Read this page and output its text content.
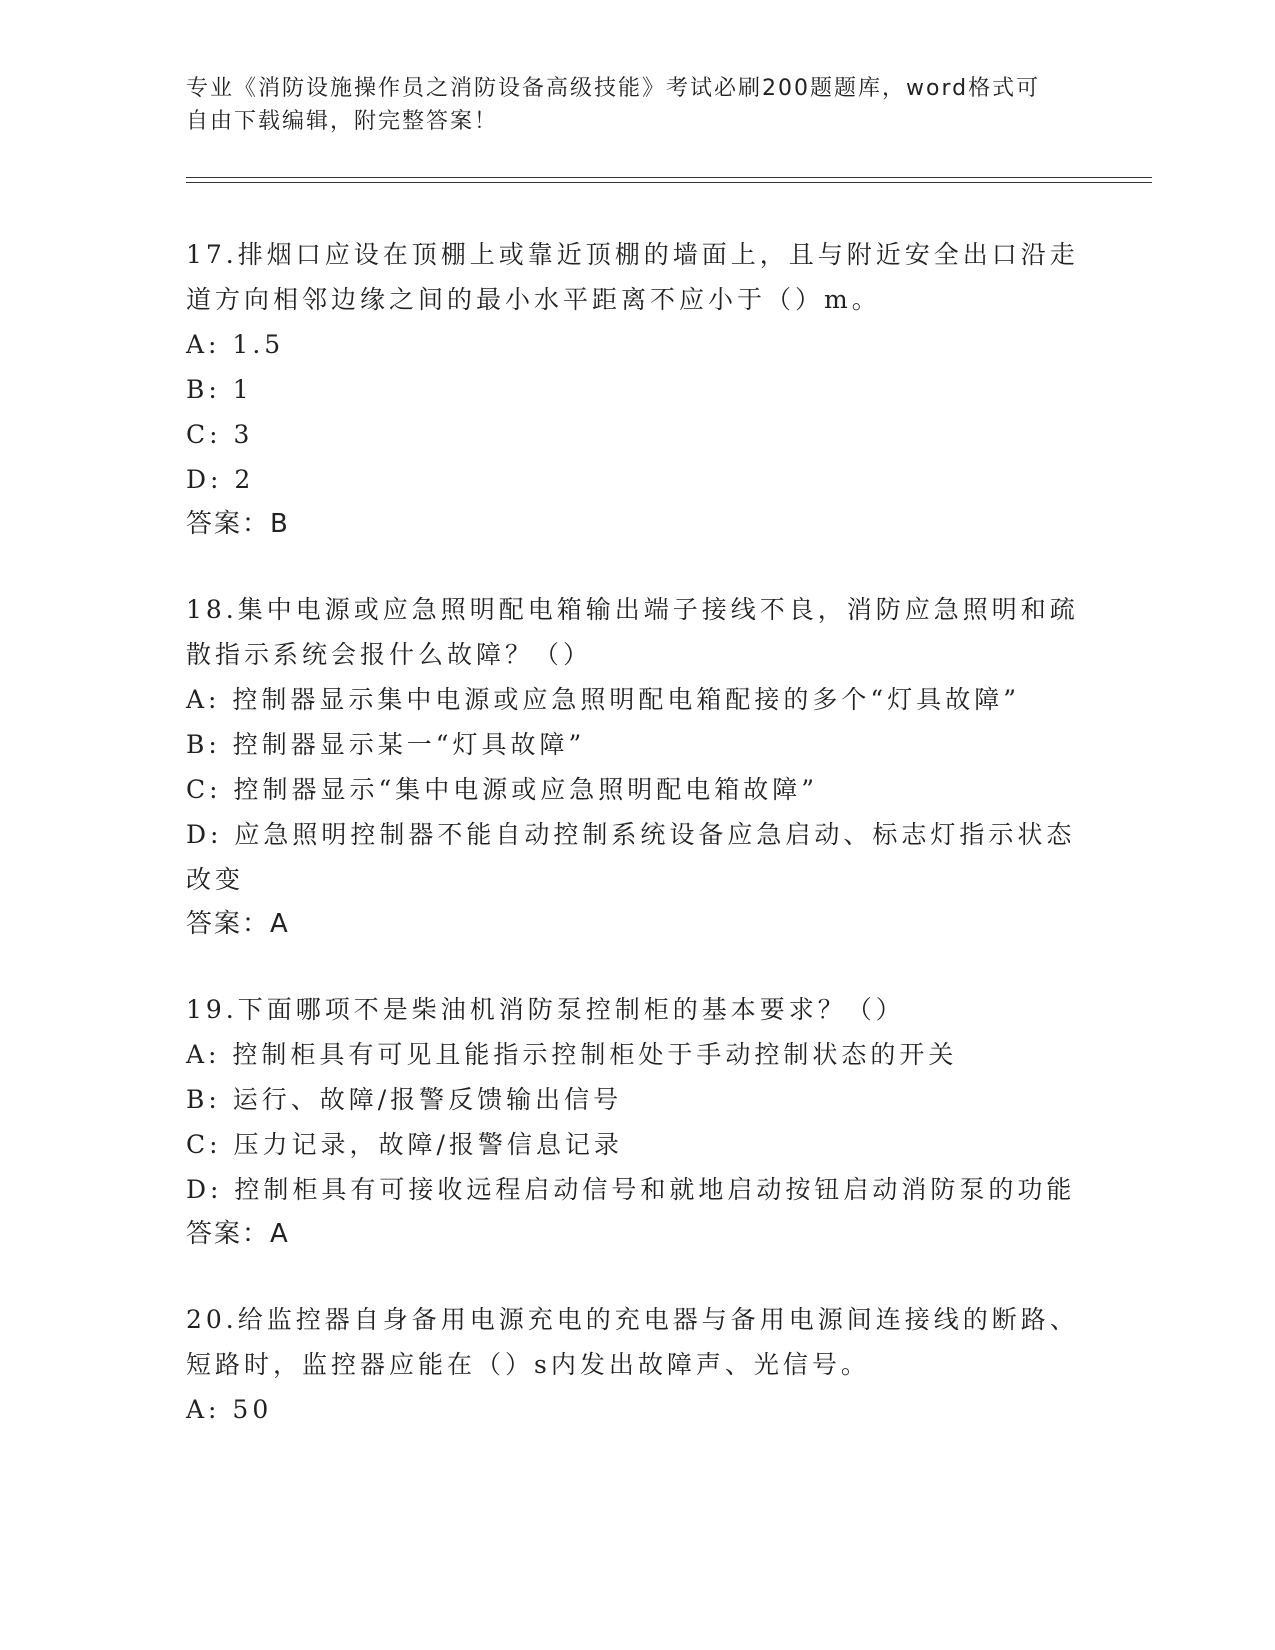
专业《消防设施操作员之消防设备高级技能》考试必刷200题题库，word格式可
自由下载编辑，附完整答案！

17.排烟口应设在顶棚上或靠近顶棚的墙面上，且与附近安全出口沿走道方向相邻边缘之间的最小水平距离不应小于（）m。

A: 1.5

B: 1

C: 3

D: 2

答案：B

18.集中电源或应急照明配电箱输出端子接线不良，消防应急照明和疏散指示系统会报什么故障？（）

A: 控制器显示集中电源或应急照明配电箱配接的多个“灯具故障”

B: 控制器显示某一“灯具故障”

C: 控制器显示“集中电源或应急照明配电箱故障”

D: 应急照明控制器不能自动控制系统设备应急启动、标志灯指示状态改变

答案：A

19.下面哪项不是柴油机消防泵控制柜的基本要求？（）

A: 控制柜具有可见且能指示控制柜处于手动控制状态的开关

B: 运行、故障/报警反馈输出信号

C: 压力记录，故障/报警信息记录

D: 控制柜具有可接收远程启动信号和就地启动按钮启动消防泵的功能

答案：A

20.给监控器自身备用电源充电的充电器与备用电源间连接线的断路、短路时，监控器应能在（）s内发出故障声、光信号。

A: 50
